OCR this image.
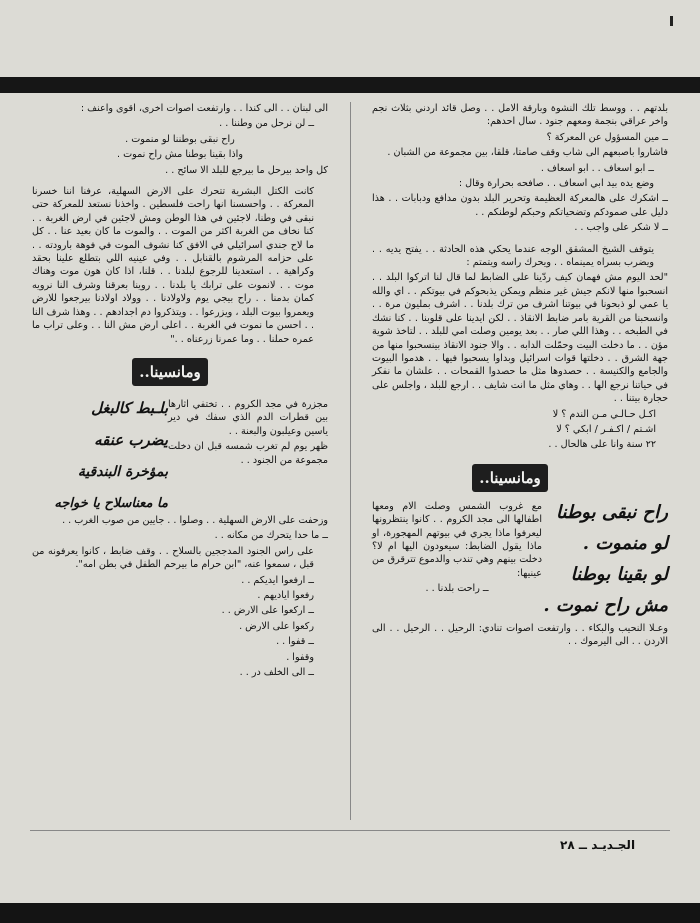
بلدتهم . . ووسط تلك النشوة وبارقة الامل . . وصل قائد اردني بثلاث نجم واخر عراقي بنجمة ومعهم جنود . سال احدهم:

ــ مين المسؤول عن المعركة ؟

فاشاروا باصبعهم الى شاب وقف صامتا، قلقا، بين مجموعة من الشبان .

ــ ابو اسعاف . . ابو اسعاف .

وضع يده بيد ابي اسعاف . . صافحه بحرارة وقال :

ــ اشكرك على هالمعركة العظيمة وتحرير البلد بدون مدافع ودبابات . . هذا دليل على صمودكم وتضحياتكم وحبكم لوطنكم . .

ــ لا شكر على واجب . .

يتوقف الشيخ المشقق الوجه عندما يحكي هذه الحادثة . . يفتح يديه . . ويضرب بسراه يمينماه . . ويحرك راسه ويتمتم :

"لحد اليوم مش فهمان كيف ردّينا على الضابط لما قال لنا اتركوا البلد . . انسحبوا منها لانكم جيش غير منظم ويمكن يذبحوكم في بيوتكم . . اي والله يا عمي لو ذبحونا في بيوتنا اشرف من ترك بلدنا . . اشرف بمليون مرة . . وانسحبنا من القرية بامر ضابط الانقاذ . . لكن ايدينا على قلوبنا . . كنا نشك في الطبخه . . وهذا اللي صار . . بعد يومين وصلت امي للبلد . . لتاخذ شوية مؤن . . ما دخلت البيت وحمّلت الدابه . . والا جنود الانقاذ بينسحبوا منها من جهة الشرق . . دخلتها قوات اسرائيل وبداوا يسحبوا فيها . . هدموا البيوت والجامع والكنيسة . . حصدوها مثل ما حصدوا القمحات . . علشان ما نفكر في حياتنا نرجع الها . . وهاي مثل ما انت شايف . . ارجع للبلد ، واجلس على حجارة بيتنا . .

اكـل حـالـي مـن الندم ؟ لا

اشـتم / اكـفـر / ابكي ؟ لا

٢٢ سنة وانا على هالحال . .

ومانسينا..
راح نبقى بوطنا
لو منموت .
لو بقينا بوطنا
مش راح نموت .

مع غروب الشمس وصلت الام ومعها اطفالها الى مجد الكروم . . كانوا ينتظرونها ليعرفوا ماذا يجري في بيوتهم المهجورة، او ماذا يقول الضابط: سيعودون اليها ام لا؟ دخلت بينهم وهي تندب والدموع تترقرق من عينيها:

ــ راحت بلدنا . .

وعـلا النحيب والبكاء . . وارتفعت اصوات تنادي: الرحيل . . الرحيل . . الى الاردن . . الى اليرموك . .

الى لبنان . . الى كندا . . وارتفعت اصوات اخرى، اقوى واعنف :

ــ لن نرحل من وطننا . .

راح نبقى بوطننا لو منموت .

واذا بقينا بوطنا مش راح نموت .

كل واحد بيرحل ما بيرجع للبلد الا سائح . .

كانت الكتل البشرية تتحرك على الارض السهلية، عرفنا اننا خسرنا المعركة . . واحسسنا انها راحت فلسطين . واخذنا نستعد للمعركة حتى نبقى في وطنا، لاجئين في هذا الوطن ومش لاجئين في ارض الغربة . . كنا نخاف من الغربة اكثر من الموت . . والموت ما كان بعيد عنا . . كل ما لاح جندي اسرائيلي في الافق كنا نشوف الموت في فوهة بارودته . . على حزامه المرشوم بالقنابل . . وفي عينيه اللي بتطلع علينا بحقد وكراهية . . استعدينا للرجوع لبلدنا . . قلنا، اذا كان هون موت وهناك موت . . لانموت على ترابك يا بلدنا . . روينا بعرقنا وشرف النا نرويه كمان بدمنا . . راح بيجي يوم ولاولادنا . . وولاد اولادنا بيرجعوا للارض ويعمروا بيوت البلد ، ويزرعوا . . ويتذكروا دم اجدادهم . . وهذا شرف النا . . احسن ما نموت في الغربة . . اعلى ارض مش النا . . وعلى تراب ما عمره حملنا . . وما عمرنا زرعناه . ."

ومانسينا..

مجزرة في مجد الكروم . . تختفي اثارها بين قطرات الدم الذي سفك في دير ياسين وعيلبون والبعنة . .

ظهر يوم لم تغرب شمسه قبل ان دخلت مجموعة من الجنود . .

بلـبط كالبغل
يضرب عنقه
بمؤخرة البندقية
ما معناسلاح يا خواجه

وزحفت على الارض السهلية . . وصلوا . . جايين من صوب الغرب . .

ــ ما حدا يتحرك من مكانه . .

على راس الجنود المدججين بالسلاح . . وقف ضابط ، كانوا يعرفونه من قبل ، سمعوا عنه، "ابن حرام ما بيرحم الطفل في بطن امه".

ــ ارفعوا ايديكم . .

رفعوا اياديهم .

ــ اركعوا على الارض . .

ركعوا على الارض .

ــ قفوا . .

وقفوا .

ــ الى الخلف در . .

الجـديـد ــ ٢٨
